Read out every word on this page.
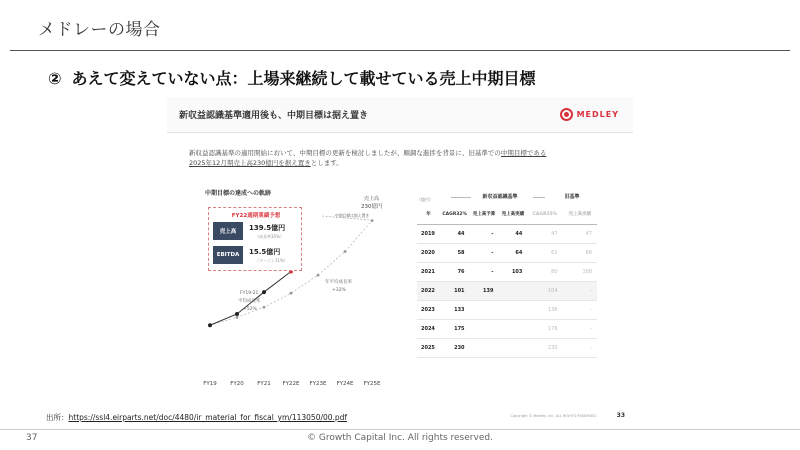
メドレーの場合
② あえて変えていない点：上場来継続して載せている売上中期目標
新収益認識基準適用後も、中期目標は据え置き	MEDLEY
新収益認識基準の適用開始において、中期目標の更新を検討しましたが、順調な進捗を背景に、旧基準での中期目標である
2025年12月期売上高230億円を据え置きとします。
中期目標の達成への軌跡
FY19 FY20 FY21 FY22E FY23E FY24E FY25E
中期目標は据え置き
売上高
230億円
年平均成長率
+32%
FY19-21
平均成長率
+52%
FY22通期業績予想
売上高	139.5億円
（成長率35%）
EBITDA	15.5億円
（マージン11%）
（億円）	新収益認識基準	旧基準
年	CAGR32%	売上高予算	売上高実績	CAGR35%	売上高実績
2019	44	-	44	47	47
2020	58	-	64	61	68
2021	76	-	103	80	108
2022	101	139		104	-
2023	133			136	-
2024	175			176	-
2025	230			230	-
Copyright © Medley, Inc. ALL RIGHTS RESERVED.	33
出所：https://ssl4.eirparts.net/doc/4480/ir_material_for_fiscal_ym/113050/00.pdf
37	© Growth Capital Inc. All rights reserved.
